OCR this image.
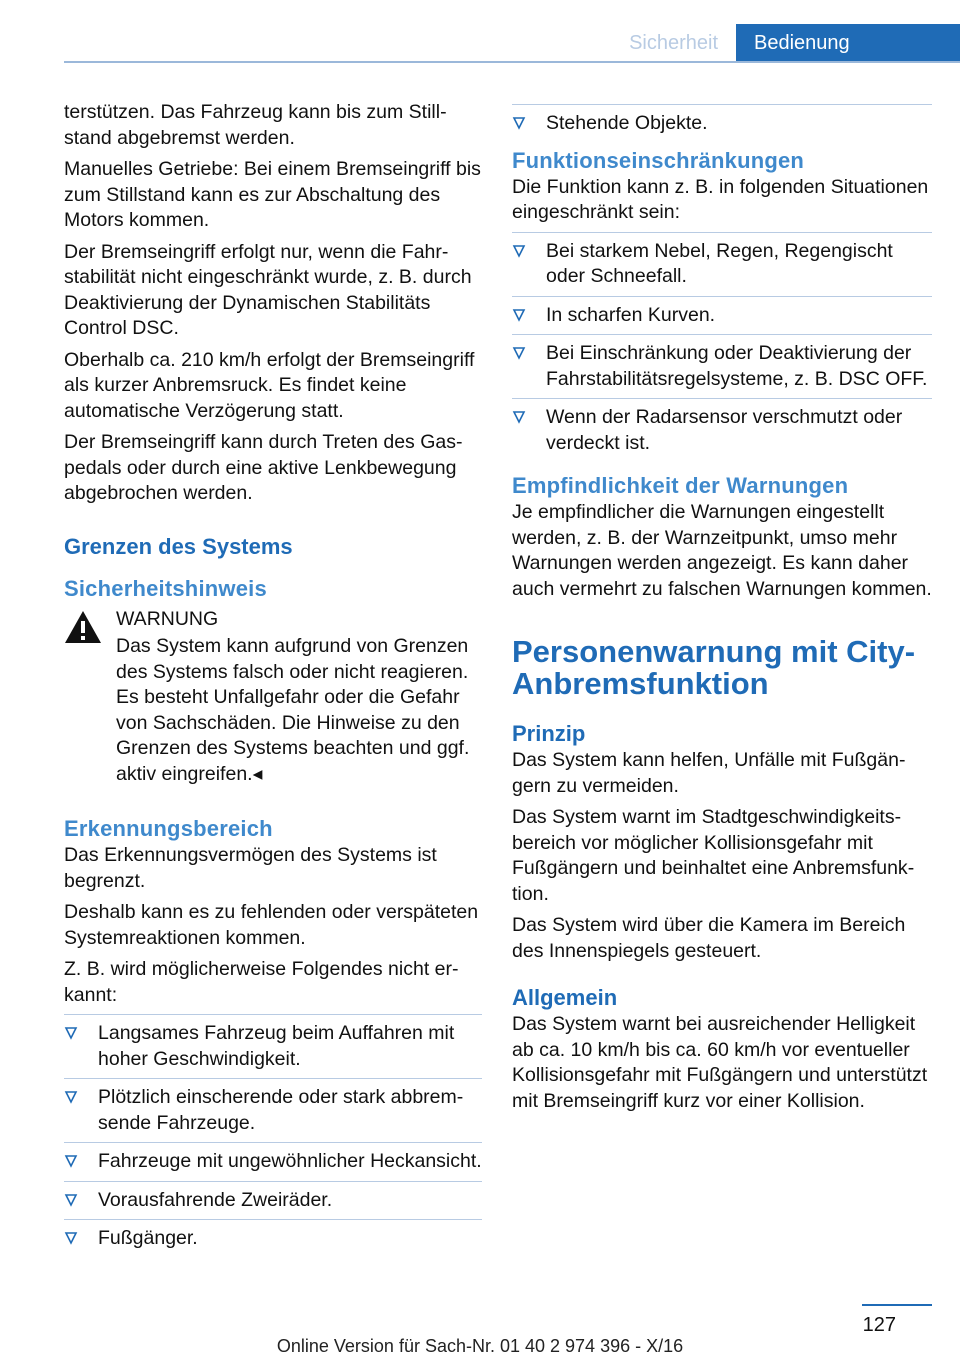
Sicherheit	Bedienung

terstützen. Das Fahrzeug kann bis zum Stillstand abgebremst werden.

Manuelles Getriebe: Bei einem Bremseingriff bis zum Stillstand kann es zur Abschaltung des Motors kommen.

Der Bremseingriff erfolgt nur, wenn die Fahrstabilität nicht eingeschränkt wurde, z. B. durch Deaktivierung der Dynamischen Stabilitäts Control DSC.

Oberhalb ca. 210 km/h erfolgt der Bremseingriff als kurzer Anbremsruck. Es findet keine automatische Verzögerung statt.

Der Bremseingriff kann durch Treten des Gaspedals oder durch eine aktive Lenkbewegung abgebrochen werden.

Grenzen des Systems
Sicherheitshinweis
WARNUNG
Das System kann aufgrund von Grenzen des Systems falsch oder nicht reagieren. Es besteht Unfallgefahr oder die Gefahr von Sachschäden. Die Hinweise zu den Grenzen des Systems beachten und ggf. aktiv eingreifen.◂
Erkennungsbereich

Das Erkennungsvermögen des Systems ist begrenzt.

Deshalb kann es zu fehlenden oder verspäteten Systemreaktionen kommen.

Z. B. wird möglicherweise Folgendes nicht erkannt:

Langsames Fahrzeug beim Auffahren mit hoher Geschwindigkeit.
Plötzlich einscherende oder stark abbremsende Fahrzeuge.
Fahrzeuge mit ungewöhnlicher Heckansicht.
Vorausfahrende Zweiräder.
Fußgänger.
Stehende Objekte.
Funktionseinschränkungen

Die Funktion kann z. B. in folgenden Situationen eingeschränkt sein:

Bei starkem Nebel, Regen, Regengischt oder Schneefall.
In scharfen Kurven.
Bei Einschränkung oder Deaktivierung der Fahrstabilitätsregelsysteme, z. B. DSC OFF.
Wenn der Radarsensor verschmutzt oder verdeckt ist.
Empfindlichkeit der Warnungen

Je empfindlicher die Warnungen eingestellt werden, z. B. der Warnzeitpunkt, umso mehr Warnungen werden angezeigt. Es kann daher auch vermehrt zu falschen Warnungen kommen.

Personenwarnung mit City-Anbremsfunktion
Prinzip

Das System kann helfen, Unfälle mit Fußgängern zu vermeiden.

Das System warnt im Stadtgeschwindigkeitsbereich vor möglicher Kollisionsgefahr mit Fußgängern und beinhaltet eine Anbremsfunktion.

Das System wird über die Kamera im Bereich des Innenspiegels gesteuert.

Allgemein

Das System warnt bei ausreichender Helligkeit ab ca. 10 km/h bis ca. 60 km/h vor eventueller Kollisionsgefahr mit Fußgängern und unterstützt mit Bremseingriff kurz vor einer Kollision.

127
Online Version für Sach-Nr. 01 40 2 974 396 - X/16
